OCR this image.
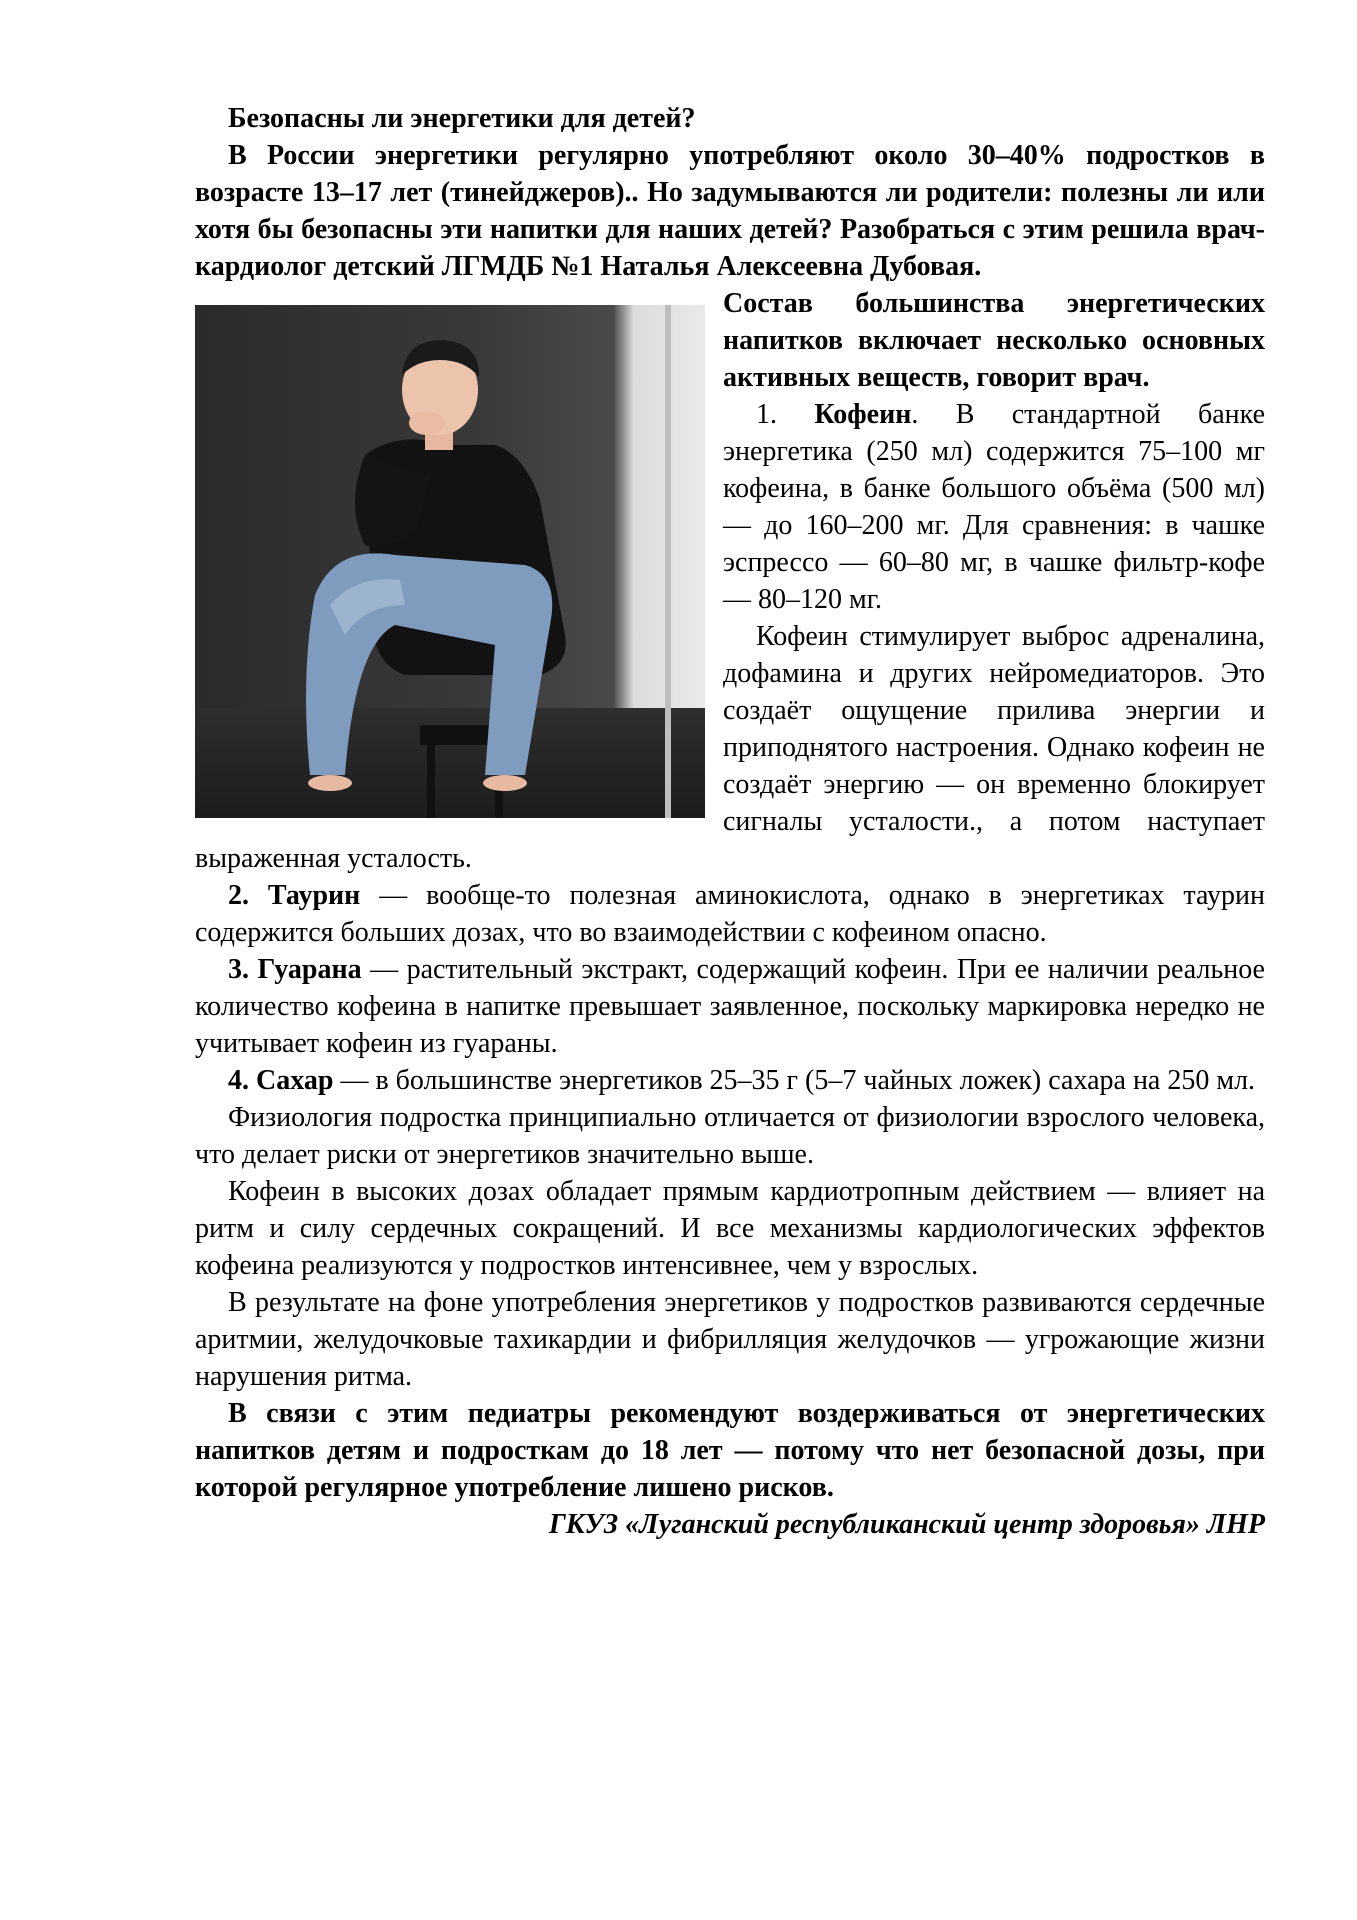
Безопасны ли энергетики для детей?

В России энергетики регулярно употребляют около 30–40% подростков в возрасте 13–17 лет (тинейджеров).. Но задумываются ли родители: полезны ли или хотя бы безопасны эти напитки для наших детей? Разобраться с этим решила врач-кардиолог детский ЛГМДБ №1 Наталья Алексеевна Дубовая.

Состав большинства энергетических напитков включает несколько основных активных веществ, говорит врач.

1. Кофеин. В стандартной банке энергетика (250 мл) содержится 75–100 мг кофеина, в банке большого объёма (500 мл) — до 160–200 мг. Для сравнения: в чашке эспрессо — 60–80 мг, в чашке фильтр-кофе — 80–120 мг.

Кофеин стимулирует выброс адреналина, дофамина и других нейромедиаторов. Это создаёт ощущение прилива энергии и приподнятого настроения. Однако кофеин не создаёт энергию — он временно блокирует сигналы усталости., а потом наступает выраженная усталость.

2. Таурин — вообще-то полезная аминокислота, однако в энергетиках таурин содержится больших дозах, что во взаимодействии с кофеином опасно.

3. Гуарана — растительный экстракт, содержащий кофеин. При ее наличии реальное количество кофеина в напитке превышает заявленное, поскольку маркировка нередко не учитывает кофеин из гуараны.

4. Сахар — в большинстве энергетиков 25–35 г (5–7 чайных ложек) сахара на 250 мл.

Физиология подростка принципиально отличается от физиологии взрослого человека, что делает риски от энергетиков значительно выше.

Кофеин в высоких дозах обладает прямым кардиотропным действием — влияет на ритм и силу сердечных сокращений. И все механизмы кардиологических эффектов кофеина реализуются у подростков интенсивнее, чем у взрослых.

В результате на фоне употребления энергетиков у подростков развиваются сердечные аритмии, желудочковые тахикардии и фибрилляция желудочков — угрожающие жизни нарушения ритма.

В связи с этим педиатры рекомендуют воздерживаться от энергетических напитков детям и подросткам до 18 лет — потому что нет безопасной дозы, при которой регулярное употребление лишено рисков.

ГКУЗ «Луганский республиканский центр здоровья» ЛНР
